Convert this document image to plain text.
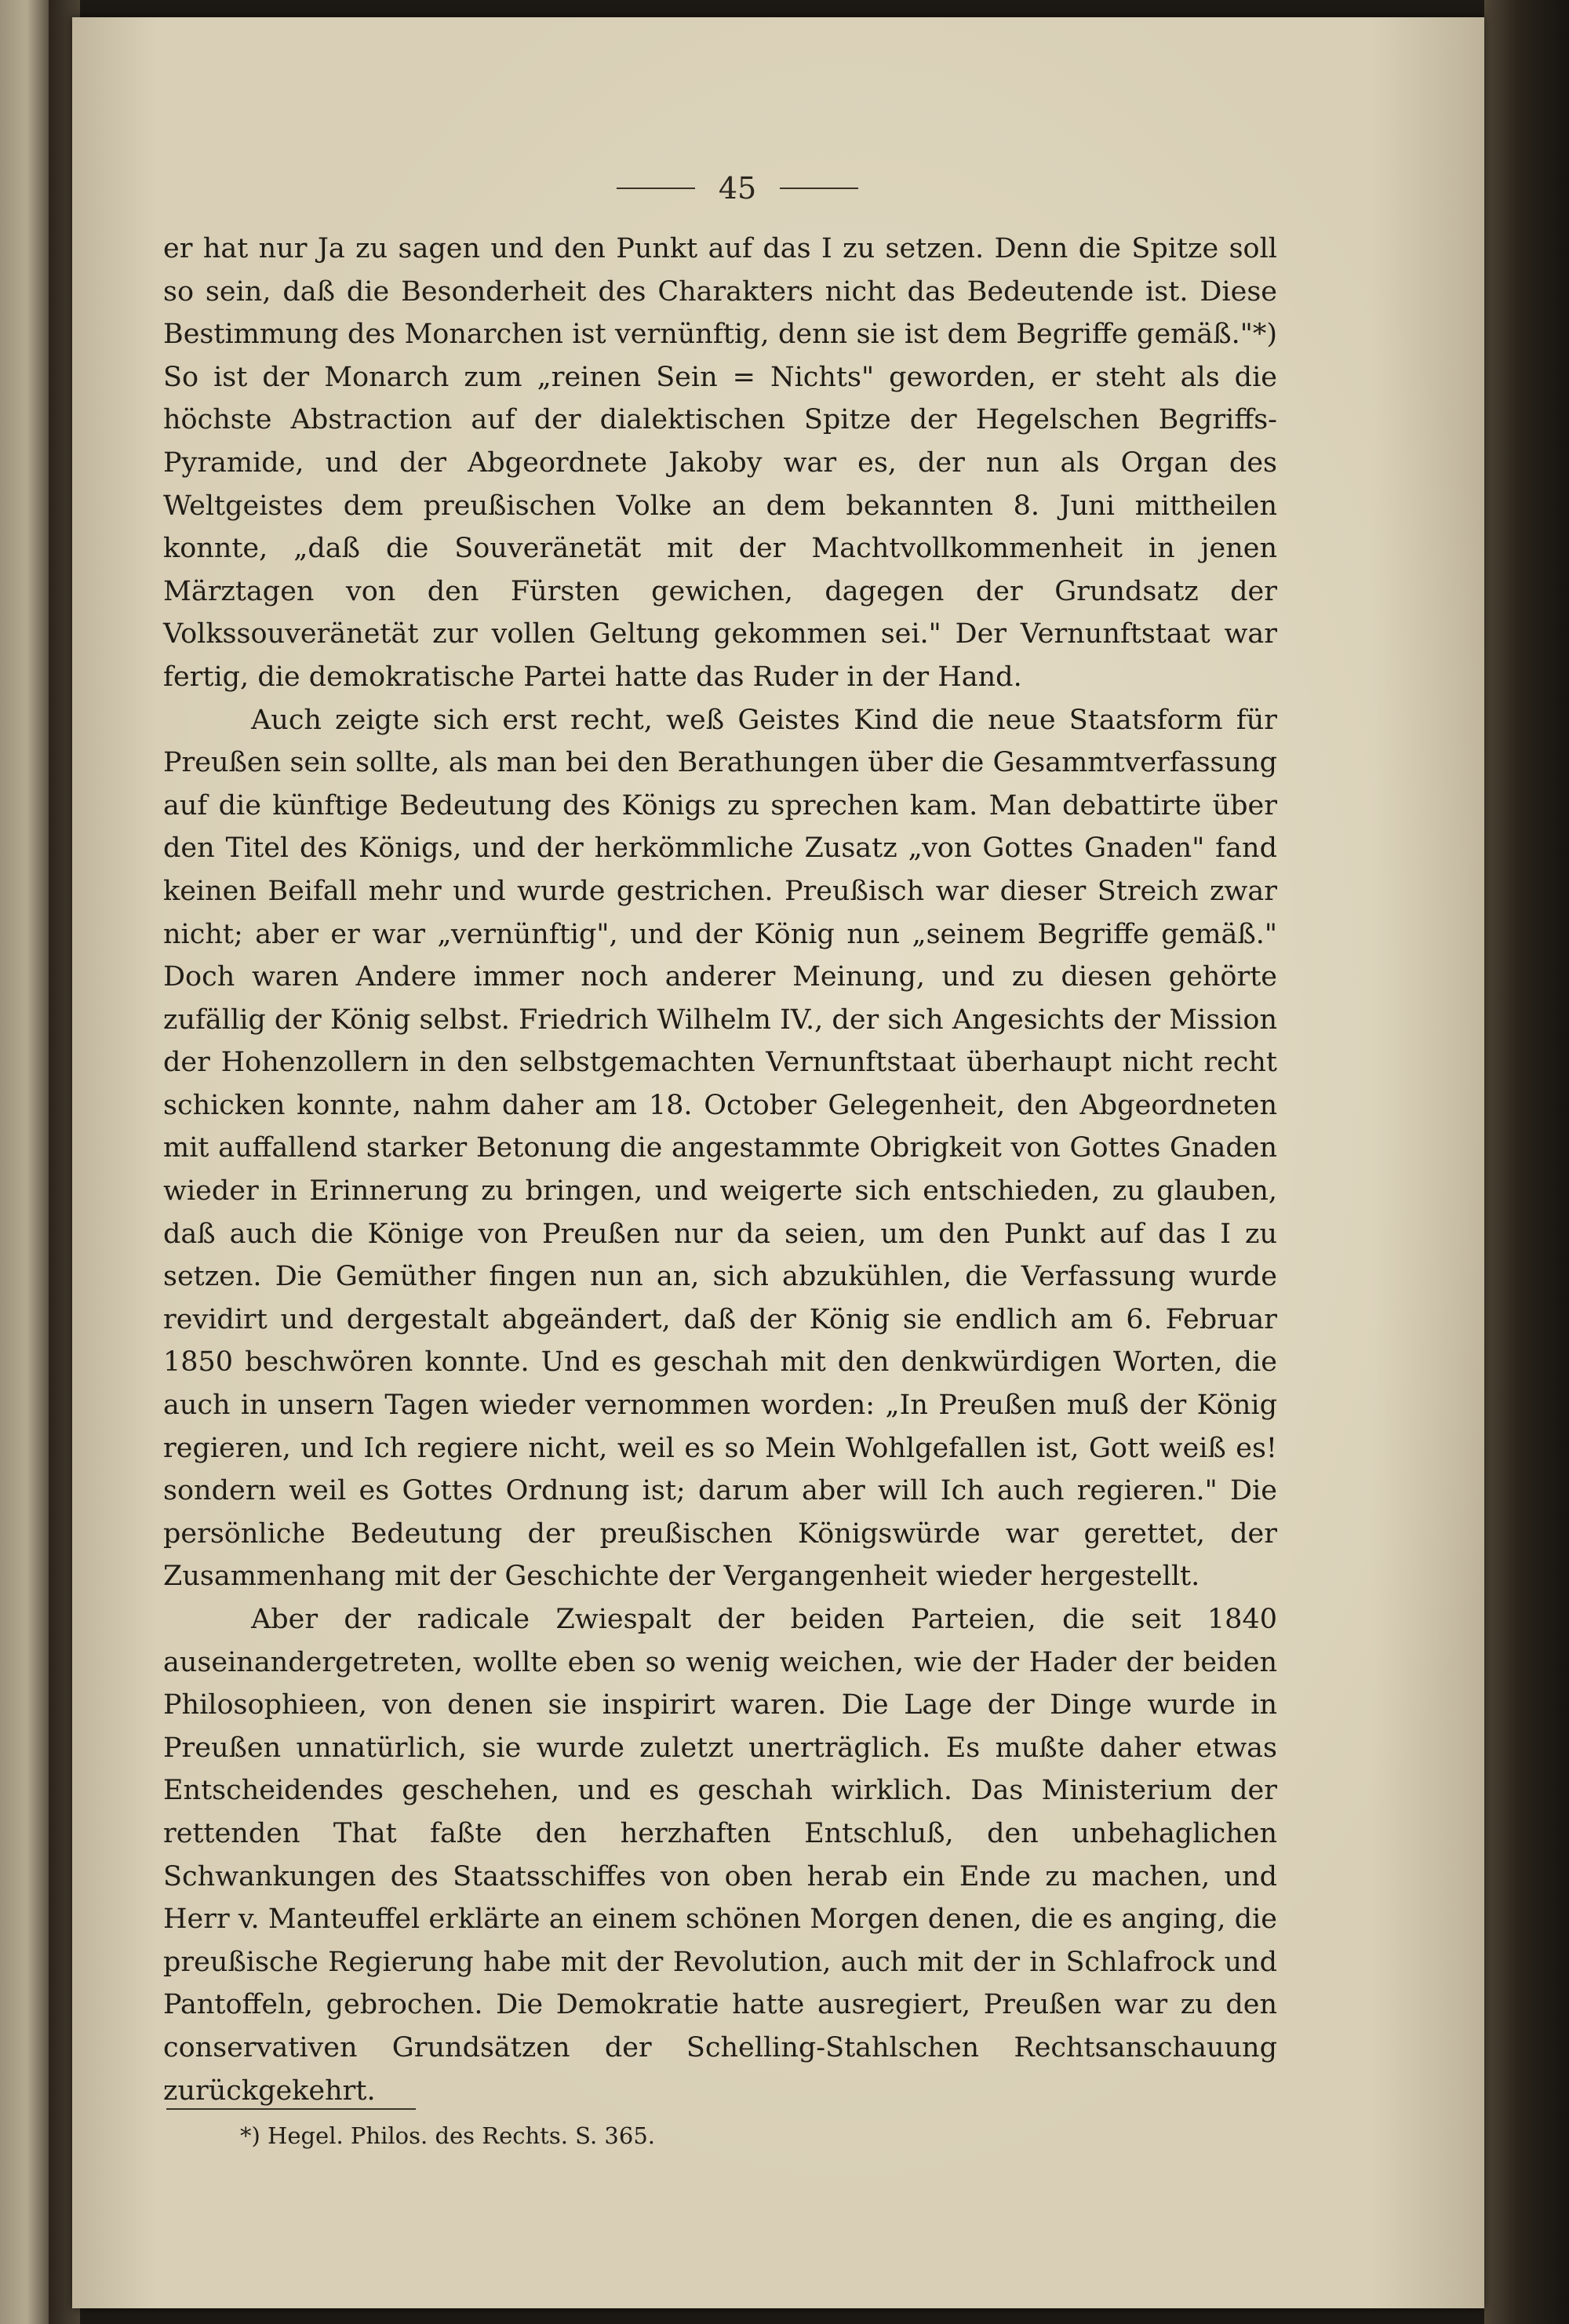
45

er hat nur Ja zu sagen und den Punkt auf das I zu setzen. Denn die Spitze soll so sein, daß die Besonderheit des Charakters nicht das Bedeutende ist. Diese Bestimmung des Monarchen ist vernünftig, denn sie ist dem Begriffe gemäß."*) So ist der Monarch zum „reinen Sein = Nichts" geworden, er steht als die höchste Abstraction auf der dialektischen Spitze der Hegelschen Begriffs-Pyramide, und der Abgeordnete Jakoby war es, der nun als Organ des Weltgeistes dem preußischen Volke an dem bekannten 8. Juni mittheilen konnte, „daß die Souveränetät mit der Machtvollkommenheit in jenen Märztagen von den Fürsten gewichen, dagegen der Grundsatz der Volkssouveränetät zur vollen Geltung gekommen sei." Der Vernunftstaat war fertig, die demokratische Partei hatte das Ruder in der Hand.

Auch zeigte sich erst recht, weß Geistes Kind die neue Staatsform für Preußen sein sollte, als man bei den Berathungen über die Gesammtverfassung auf die künftige Bedeutung des Königs zu sprechen kam. Man debattirte über den Titel des Königs, und der herkömmliche Zusatz „von Gottes Gnaden" fand keinen Beifall mehr und wurde gestrichen. Preußisch war dieser Streich zwar nicht; aber er war „vernünftig", und der König nun „seinem Begriffe gemäß." Doch waren Andere immer noch anderer Meinung, und zu diesen gehörte zufällig der König selbst. Friedrich Wilhelm IV., der sich Angesichts der Mission der Hohenzollern in den selbstgemachten Vernunftstaat überhaupt nicht recht schicken konnte, nahm daher am 18. October Gelegenheit, den Abgeordneten mit auffallend starker Betonung die angestammte Obrigkeit von Gottes Gnaden wieder in Erinnerung zu bringen, und weigerte sich entschieden, zu glauben, daß auch die Könige von Preußen nur da seien, um den Punkt auf das I zu setzen. Die Gemüther fingen nun an, sich abzukühlen, die Verfassung wurde revidirt und dergestalt abgeändert, daß der König sie endlich am 6. Februar 1850 beschwören konnte. Und es geschah mit den denkwürdigen Worten, die auch in unsern Tagen wieder vernommen worden: „In Preußen muß der König regieren, und Ich regiere nicht, weil es so Mein Wohlgefallen ist, Gott weiß es! sondern weil es Gottes Ordnung ist; darum aber will Ich auch regieren." Die persönliche Bedeutung der preußischen Königswürde war gerettet, der Zusammenhang mit der Geschichte der Vergangenheit wieder hergestellt.

Aber der radicale Zwiespalt der beiden Parteien, die seit 1840 auseinandergetreten, wollte eben so wenig weichen, wie der Hader der beiden Philosophieen, von denen sie inspirirt waren. Die Lage der Dinge wurde in Preußen unnatürlich, sie wurde zuletzt unerträglich. Es mußte daher etwas Entscheidendes geschehen, und es geschah wirklich. Das Ministerium der rettenden That faßte den herzhaften Entschluß, den unbehaglichen Schwankungen des Staatsschiffes von oben herab ein Ende zu machen, und Herr v. Manteuffel erklärte an einem schönen Morgen denen, die es anging, die preußische Regierung habe mit der Revolution, auch mit der in Schlafrock und Pantoffeln, gebrochen. Die Demokratie hatte ausregiert, Preußen war zu den conservativen Grundsätzen der Schelling-Stahlschen Rechtsanschauung zurückgekehrt.

*) Hegel. Philos. des Rechts. S. 365.
